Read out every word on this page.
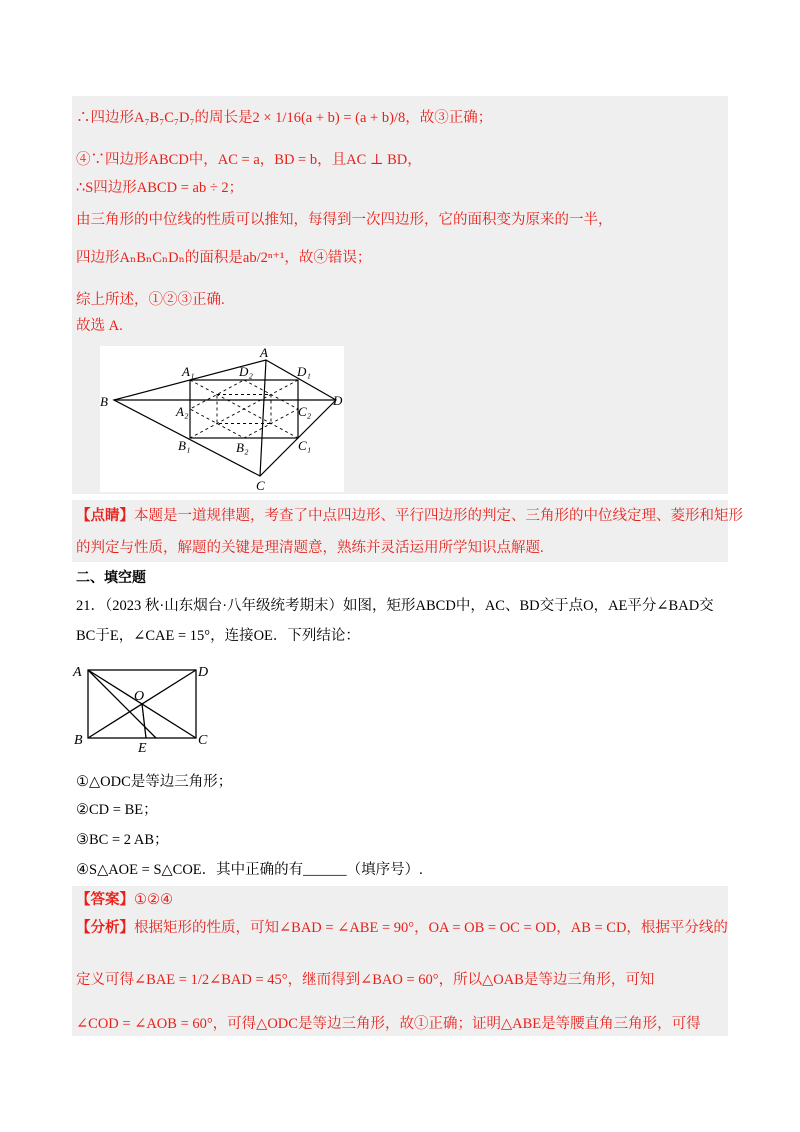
∴四边形A₇B₇C₇D₇的周长是2 × 1/16(a + b) = (a + b)/8，故③正确；
④∵四边形ABCD中，AC = a，BD = b，且AC ⊥ BD，
∴S四边形ABCD = ab ÷ 2；
由三角形的中位线的性质可以推知，每得到一次四边形，它的面积变为原来的一半，
四边形AₙBₙCₙDₙ的面积是ab/2ⁿ⁺¹，故④错误；
综上所述，①②③正确.
故选 A.
A
B
C
D
A₁
B₁	C₁
D₁
A₂
B₂
C₂
D₂
【点睛】本题是一道规律题，考查了中点四边形、平行四边形的判定、三角形的中位线定理、菱形和矩形
的判定与性质，解题的关键是理清题意，熟练并灵活运用所学知识点解题.
二、填空题
21．（2023 秋·山东烟台·八年级统考期末）如图，矩形ABCD中，AC、BD交于点O，AE平分∠BAD交
BC于E，∠CAE = 15°，连接OE．下列结论：
A
B	C
D
O
E
①△ODC是等边三角形；
②CD = BE；
③BC = 2 AB；
④S△AOE = S△COE．其中正确的有______（填序号）.
【答案】①②④
【分析】根据矩形的性质，可知∠BAD = ∠ABE = 90°，OA = OB = OC = OD，AB = CD，根据平分线的
定义可得∠BAE = 1/2∠BAD = 45°，继而得到∠BAO = 60°，所以△OAB是等边三角形，可知
∠COD = ∠AOB = 60°，可得△ODC是等边三角形，故①正确；证明△ABE是等腰直角三角形，可得
